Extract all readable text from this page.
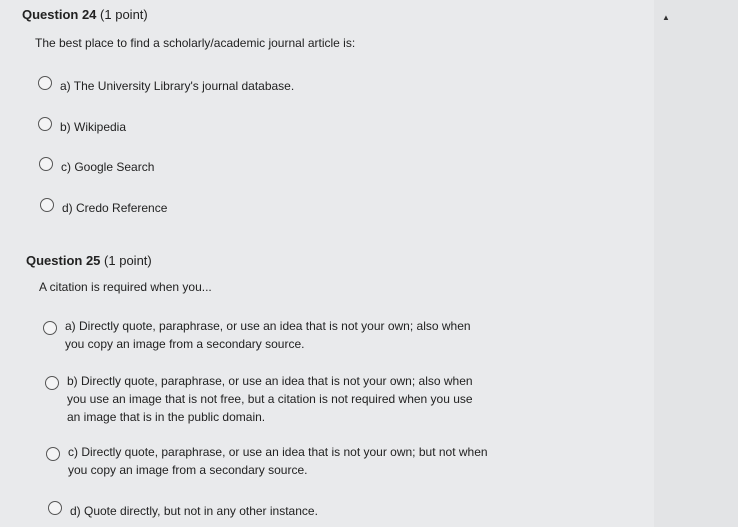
▲
Question 24 (1 point)
The best place to find a scholarly/academic journal article is:
a) The University Library's journal database.
b) Wikipedia
c) Google Search
d) Credo Reference
Question 25 (1 point)
A citation is required when you...
a) Directly quote, paraphrase, or use an idea that is not your own; also when
you copy an image from a secondary source.
b) Directly quote, paraphrase, or use an idea that is not your own; also when
you use an image that is not free, but a citation is not required when you use
an image that is in the public domain.
c) Directly quote, paraphrase, or use an idea that is not your own; but not when
you copy an image from a secondary source.
d) Quote directly, but not in any other instance.
